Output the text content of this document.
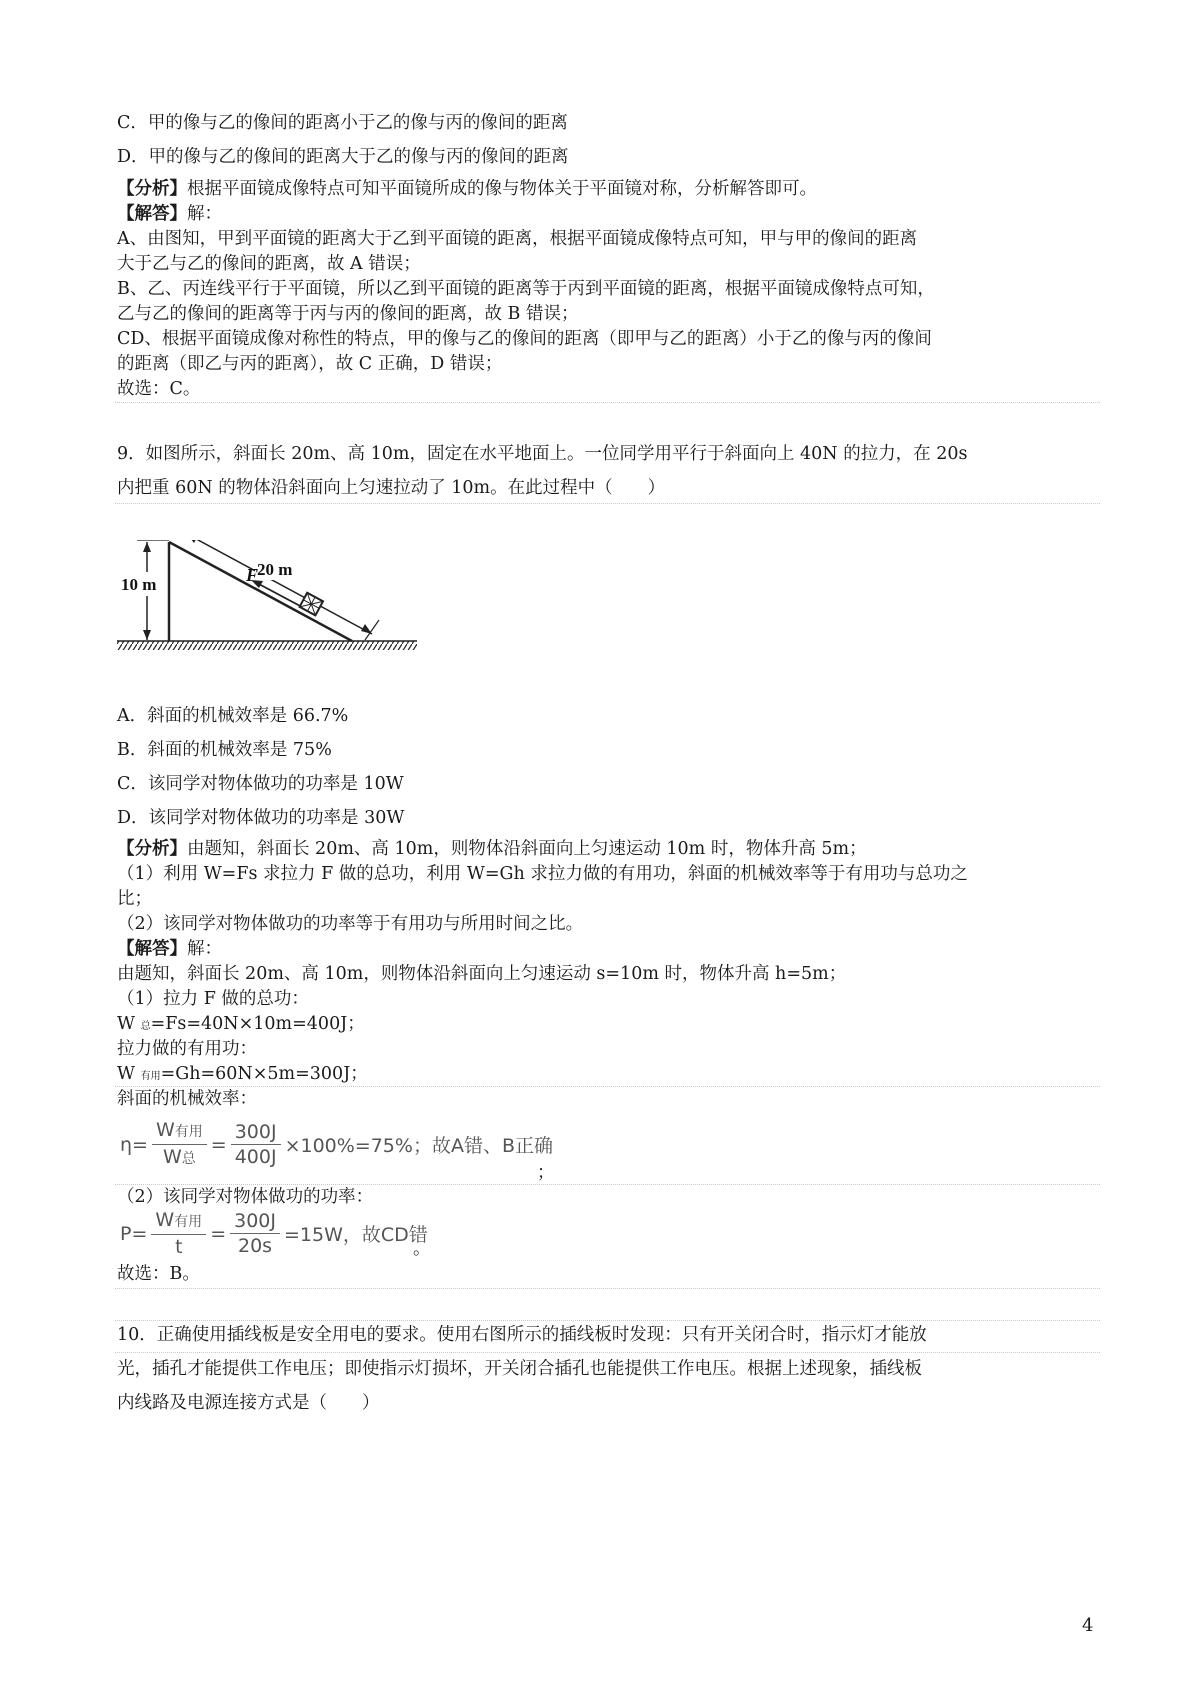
C．甲的像与乙的像间的距离小于乙的像与丙的像间的距离
D．甲的像与乙的像间的距离大于乙的像与丙的像间的距离
【分析】根据平面镜成像特点可知平面镜所成的像与物体关于平面镜对称，分析解答即可。
【解答】解：
A、由图知，甲到平面镜的距离大于乙到平面镜的距离，根据平面镜成像特点可知，甲与甲的像间的距离
大于乙与乙的像间的距离，故 A 错误；
B、乙、丙连线平行于平面镜，所以乙到平面镜的距离等于丙到平面镜的距离，根据平面镜成像特点可知，
乙与乙的像间的距离等于丙与丙的像间的距离，故 B 错误；
CD、根据平面镜成像对称性的特点，甲的像与乙的像间的距离（即甲与乙的距离）小于乙的像与丙的像间
的距离（即乙与丙的距离），故 C 正确，D 错误；
故选：C。
9．如图所示，斜面长 20m、高 10m，固定在水平地面上。一位同学用平行于斜面向上 40N 的拉力，在 20s
内把重 60N 的物体沿斜面向上匀速拉动了 10m。在此过程中（　　）
10 m
20 m
F
A．斜面的机械效率是 66.7%
B．斜面的机械效率是 75%
C．该同学对物体做功的功率是 10W
D．该同学对物体做功的功率是 30W
【分析】由题知，斜面长 20m、高 10m，则物体沿斜面向上匀速运动 10m 时，物体升高 5m；
（1）利用 W=Fs 求拉力 F 做的总功，利用 W=Gh 求拉力做的有用功，斜面的机械效率等于有用功与总功之
比；
（2）该同学对物体做功的功率等于有用功与所用时间之比。
【解答】解：
由题知，斜面长 20m、高 10m，则物体沿斜面向上匀速运动 s=10m 时，物体升高 h=5m；
（1）拉力 F 做的总功：
W 总=Fs=40N×10m=400J；
拉力做的有用功：
W 有用=Gh=60N×5m=300J；
斜面的机械效率：
$\eta= \frac{\text{W有用}}{\text{W总}} = \frac{300J}{400J} \times 100\%=75\%$；故A错、B正确
；
（2）该同学对物体做功的功率：
$P= \frac{\text{W有用}}{t} = \frac{300J}{20s} =15W$，故CD错
。
故选：B。
10．正确使用插线板是安全用电的要求。使用右图所示的插线板时发现：只有开关闭合时，指示灯才能放
光，插孔才能提供工作电压；即使指示灯损坏，开关闭合插孔也能提供工作电压。根据上述现象，插线板
内线路及电源连接方式是（　　）
4
